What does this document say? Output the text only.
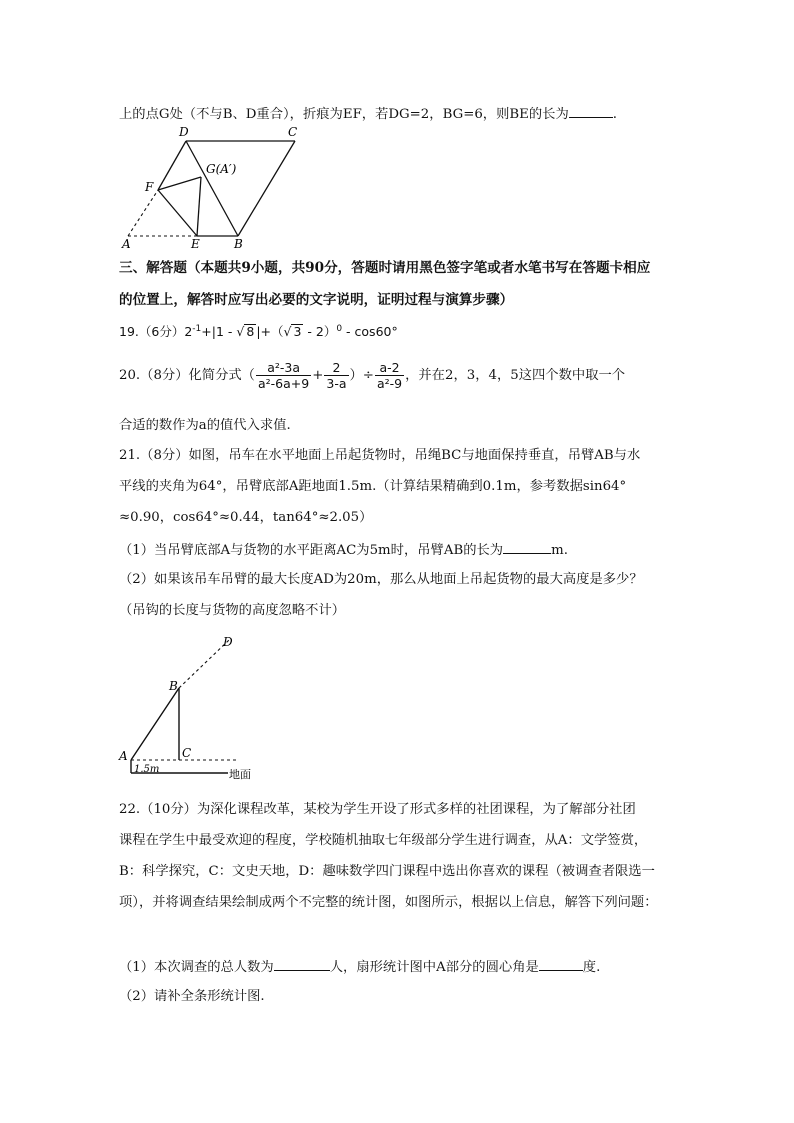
上的点G处（不与B、D重合），折痕为EF，若DG=2，BG=6，则BE的长为	.
D	C
G(A′)
F
A	E	B
三、解答题（本题共9小题，共90分，答题时请用黑色签字笔或者水笔书写在答题卡相应
的位置上，解答时应写出必要的文字说明，证明过程与演算步骤）
19.（6分）$2^{-1}+|1$ - √ 8 |+（√ 3 - 2）$^0$ - cos60°
20.（8分）化简分式（ $\frac{\text{a²-3a}}{\text{a²-6a+9}} + \frac{2}{3-a}$ ）÷ $\frac{a-2}{\text{a²-9}}$ ，并在2，3，4，5这四个数中取一个
合适的数作为a的值代入求值.
21.（8分）如图，吊车在水平地面上吊起货物时，吊绳BC与地面保持垂直，吊臂AB与水
平线的夹角为64°，吊臂底部A距地面1.5m.（计算结果精确到0.1m，参考数据sin64°
≈0.90，cos64°≈0.44，tan64°≈2.05）
（1）当吊臂底部A与货物的水平距离AC为5m时，吊臂AB的长为	m.
（2）如果该吊车吊臂的最大长度AD为20m，那么从地面上吊起货物的最大高度是多少？
（吊钩的长度与货物的高度忽略不计）
D
B
A	C
1.5m	地面
22.（10分）为深化课程改革，某校为学生开设了形式多样的社团课程，为了解部分社团
课程在学生中最受欢迎的程度，学校随机抽取七年级部分学生进行调查，从A：文学签赏，
B：科学探究，C：文史天地，D：趣味数学四门课程中选出你喜欢的课程（被调查者限选一
项），并将调查结果绘制成两个不完整的统计图，如图所示，根据以上信息，解答下列问题：
（1）本次调查的总人数为	人，扇形统计图中A部分的圆心角是	度.
（2）请补全条形统计图.
